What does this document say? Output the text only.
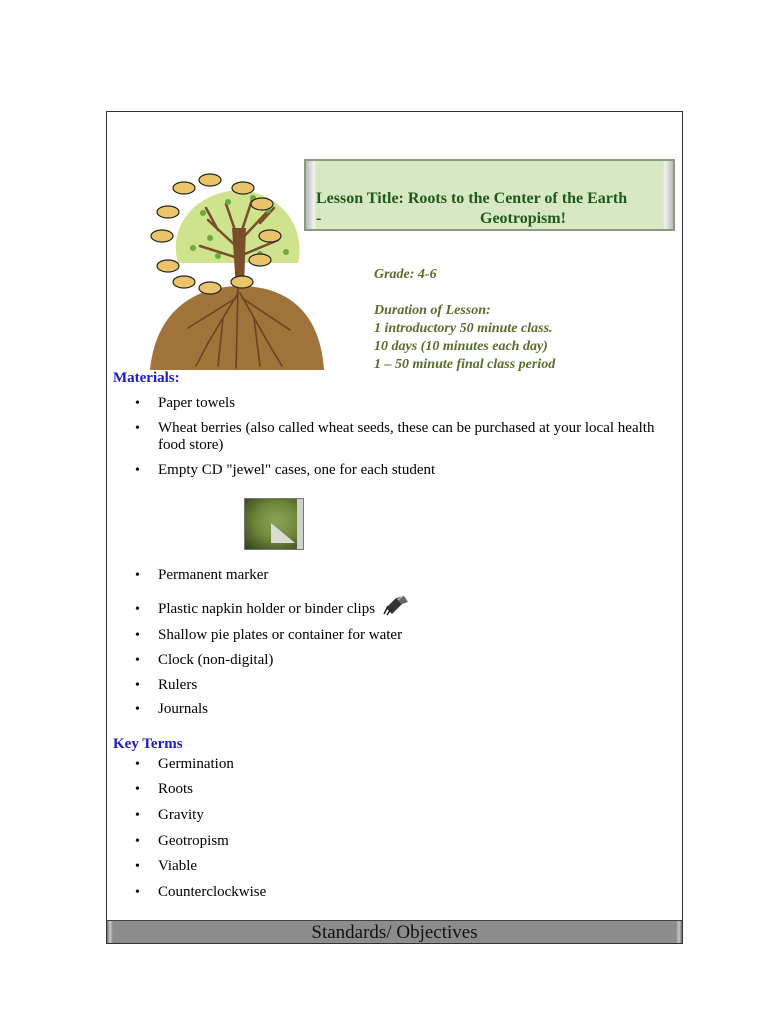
Lesson Title: Roots to the Center of the Earth
-	Geotropism!
Grade: 4-6
Duration of Lesson:
1 introductory 50 minute class.
10 days (10 minutes each day)
1 – 50 minute final class period
Materials:
• Paper towels
• Wheat berries (also called wheat seeds, these can be purchased at your local health food store)
• Empty CD "jewel" cases, one for each student
• Permanent marker
• Plastic napkin holder or binder clips
• Shallow pie plates or container for water
• Clock (non-digital)
• Rulers
• Journals
Key Terms
• Germination
• Roots
• Gravity
• Geotropism
• Viable
• Counterclockwise
Standards/ Objectives
